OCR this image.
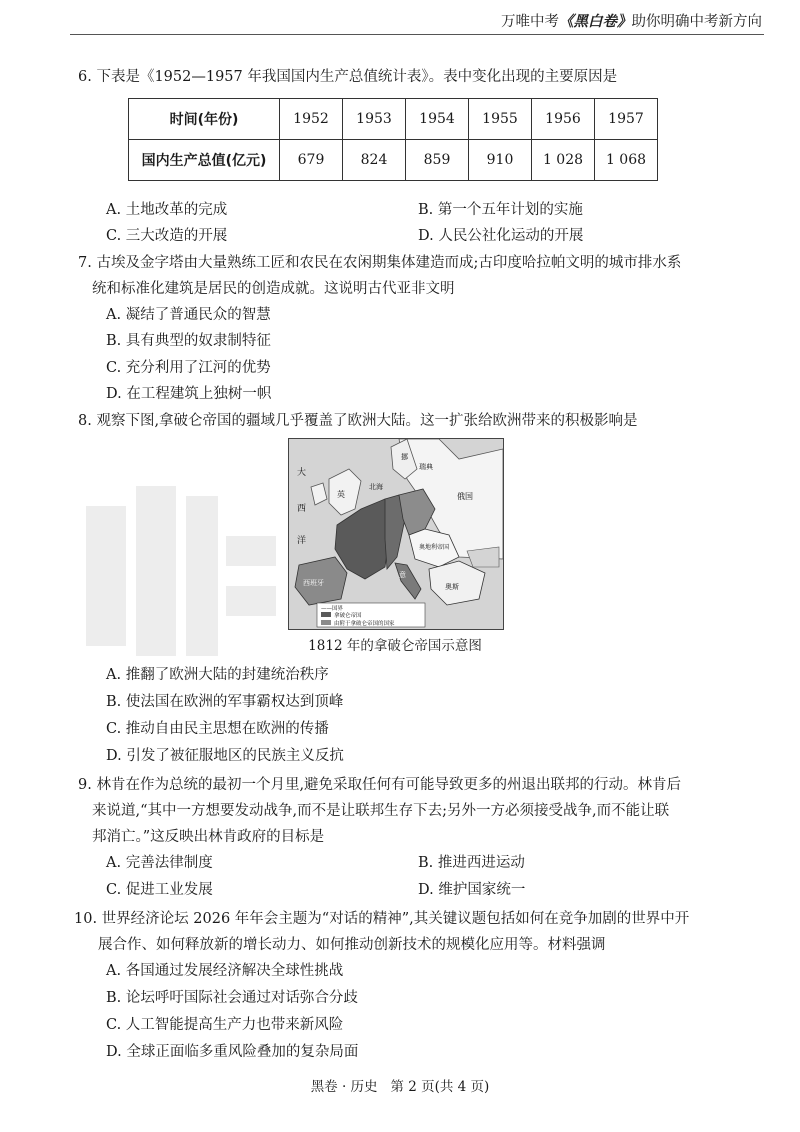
万唯中考《黑白卷》助你明确中考新方向
6. 下表是《1952—1957 年我国国内生产总值统计表》。表中变化出现的主要原因是
时间(年份)	1952	1953	1954	1955	1956	1957
国内生产总值(亿元)	679	824	859	910	1 028	1 068
A. 土地改革的完成	B. 第一个五年计划的实施
C. 三大改造的开展	D. 人民公社化运动的开展
7. 古埃及金字塔由大量熟练工匠和农民在农闲期集体建造而成;古印度哈拉帕文明的城市排水系
统和标准化建筑是居民的创造成就。这说明古代亚非文明
A. 凝结了普通民众的智慧
B. 具有典型的奴隶制特征
C. 充分利用了江河的优势
D. 在工程建筑上独树一帜
8. 观察下图,拿破仑帝国的疆域几乎覆盖了欧洲大陆。这一扩张给欧洲带来的积极影响是
——国界
拿破仑帝国
由附于拿破仑帝国的国家
大
西
洋
英
北海
挪
瑞典
俄国
奥地利帝国
奥斯
西班牙
意
1812 年的拿破仑帝国示意图
A. 推翻了欧洲大陆的封建统治秩序
B. 使法国在欧洲的军事霸权达到顶峰
C. 推动自由民主思想在欧洲的传播
D. 引发了被征服地区的民族主义反抗
9. 林肯在作为总统的最初一个月里,避免采取任何有可能导致更多的州退出联邦的行动。林肯后
来说道,“其中一方想要发动战争,而不是让联邦生存下去;另外一方必须接受战争,而不能让联
邦消亡。”这反映出林肯政府的目标是
A. 完善法律制度	B. 推进西进运动
C. 促进工业发展	D. 维护国家统一
10. 世界经济论坛 2026 年年会主题为“对话的精神”,其关键议题包括如何在竞争加剧的世界中开
展合作、如何释放新的增长动力、如何推动创新技术的规模化应用等。材料强调
A. 各国通过发展经济解决全球性挑战
B. 论坛呼吁国际社会通过对话弥合分歧
C. 人工智能提高生产力也带来新风险
D. 全球正面临多重风险叠加的复杂局面
黑卷 · 历史   第 2 页(共 4 页)
